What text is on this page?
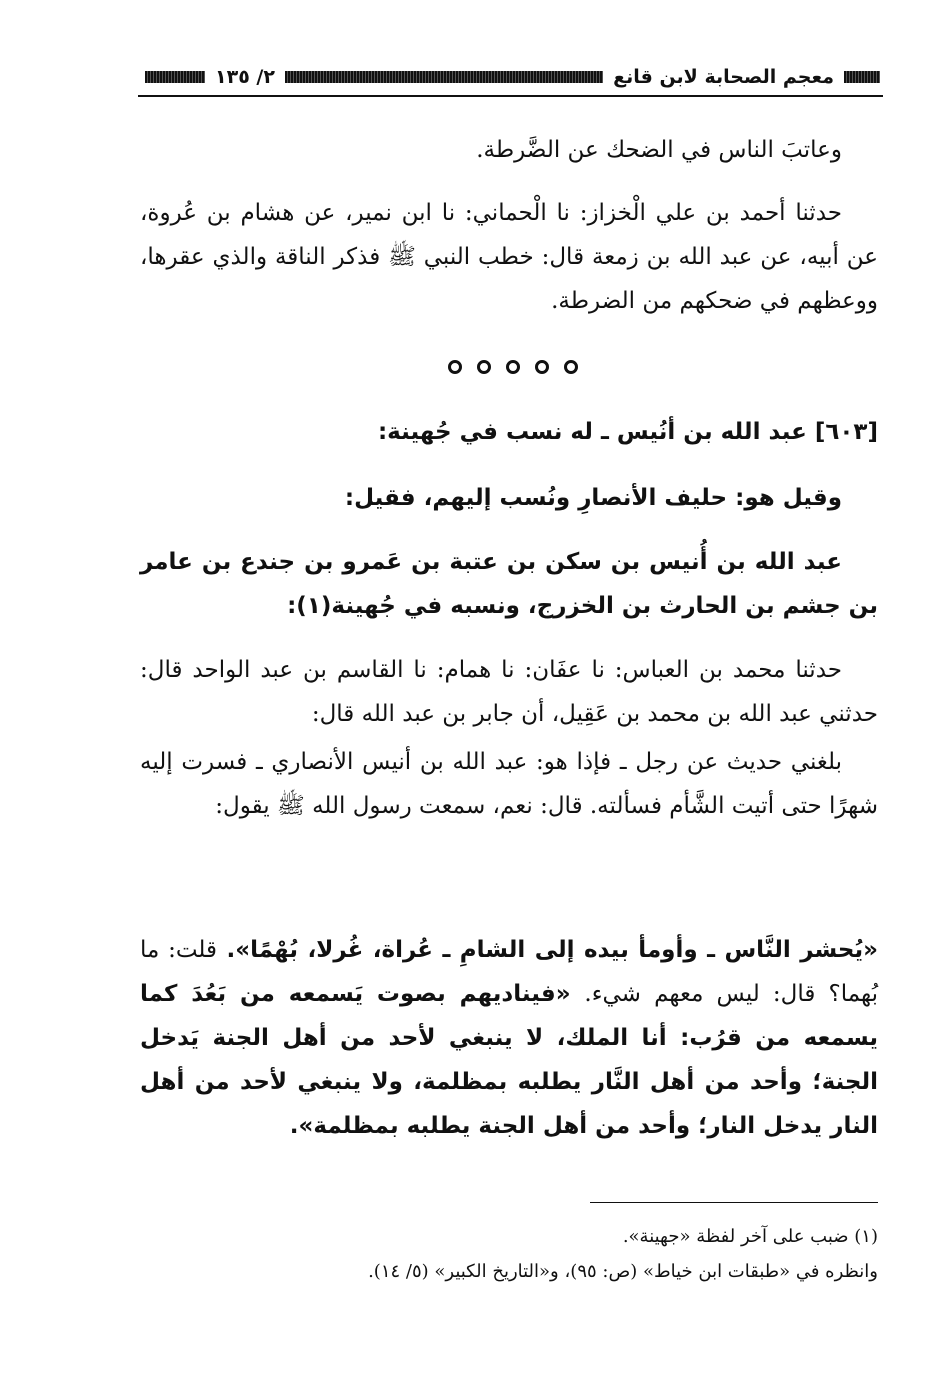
معجم الصحابة لابن قانع
٢/ ١٣٥

وعاتبَ الناس في الضحك عن الضَّرطة.

حدثنا أحمد بن علي الْخزاز: نا الْحماني: نا ابن نمير، عن هشام بن عُروة، عن أبيه، عن عبد الله بن زمعة قال: خطب النبي ﷺ فذكر الناقة والذي عقرها، ووعظهم في ضحكهم من الضرطة.

[٦٠٣] عبد الله بن أنُيس ـ له نسب في جُهينة:

وقيل هو: حليف الأنصارِ ونُسب إليهم، فقيل:

عبد الله بن أُنيس بن سكن بن عتبة بن عَمرو بن جندع بن عامر بن جشم بن الحارث بن الخزرج، ونسبه في جُهينة(١):

حدثنا محمد بن العباس: نا عفَان: نا همام: نا القاسم بن عبد الواحد قال: حدثني عبد الله بن محمد بن عَقِيل، أن جابر بن عبد الله قال:

بلغني حديث عن رجل ـ فإذا هو: عبد الله بن أنيس الأنصاري ـ فسرت إليه شهرًا حتى أتيت الشَّأم فسألته. قال: نعم، سمعت رسول الله ﷺ يقول:

«يُحشر النَّاس ـ وأومأ بيده إلى الشامِ ـ عُراة، غُرلا، بُهْمًا». قلت: ما بُهما؟ قال: ليس معهم شيء. «فيناديهم بصوت يَسمعه من بَعُدَ كما يسمعه من قرُب: أنا الملك، لا ينبغي لأحد من أهل الجنة يَدخل الجنة؛ وأحد من أهل النَّار يطلبه بمظلمة، ولا ينبغي لأحد من أهل النار يدخل النار؛ وأحد من أهل الجنة يطلبه بمظلمة».

(١) ضبب على آخر لفظة «جهينة».
وانظره في «طبقات ابن خياط» (ص: ٩٥)، و«التاريخ الكبير» (٥/ ١٤).
